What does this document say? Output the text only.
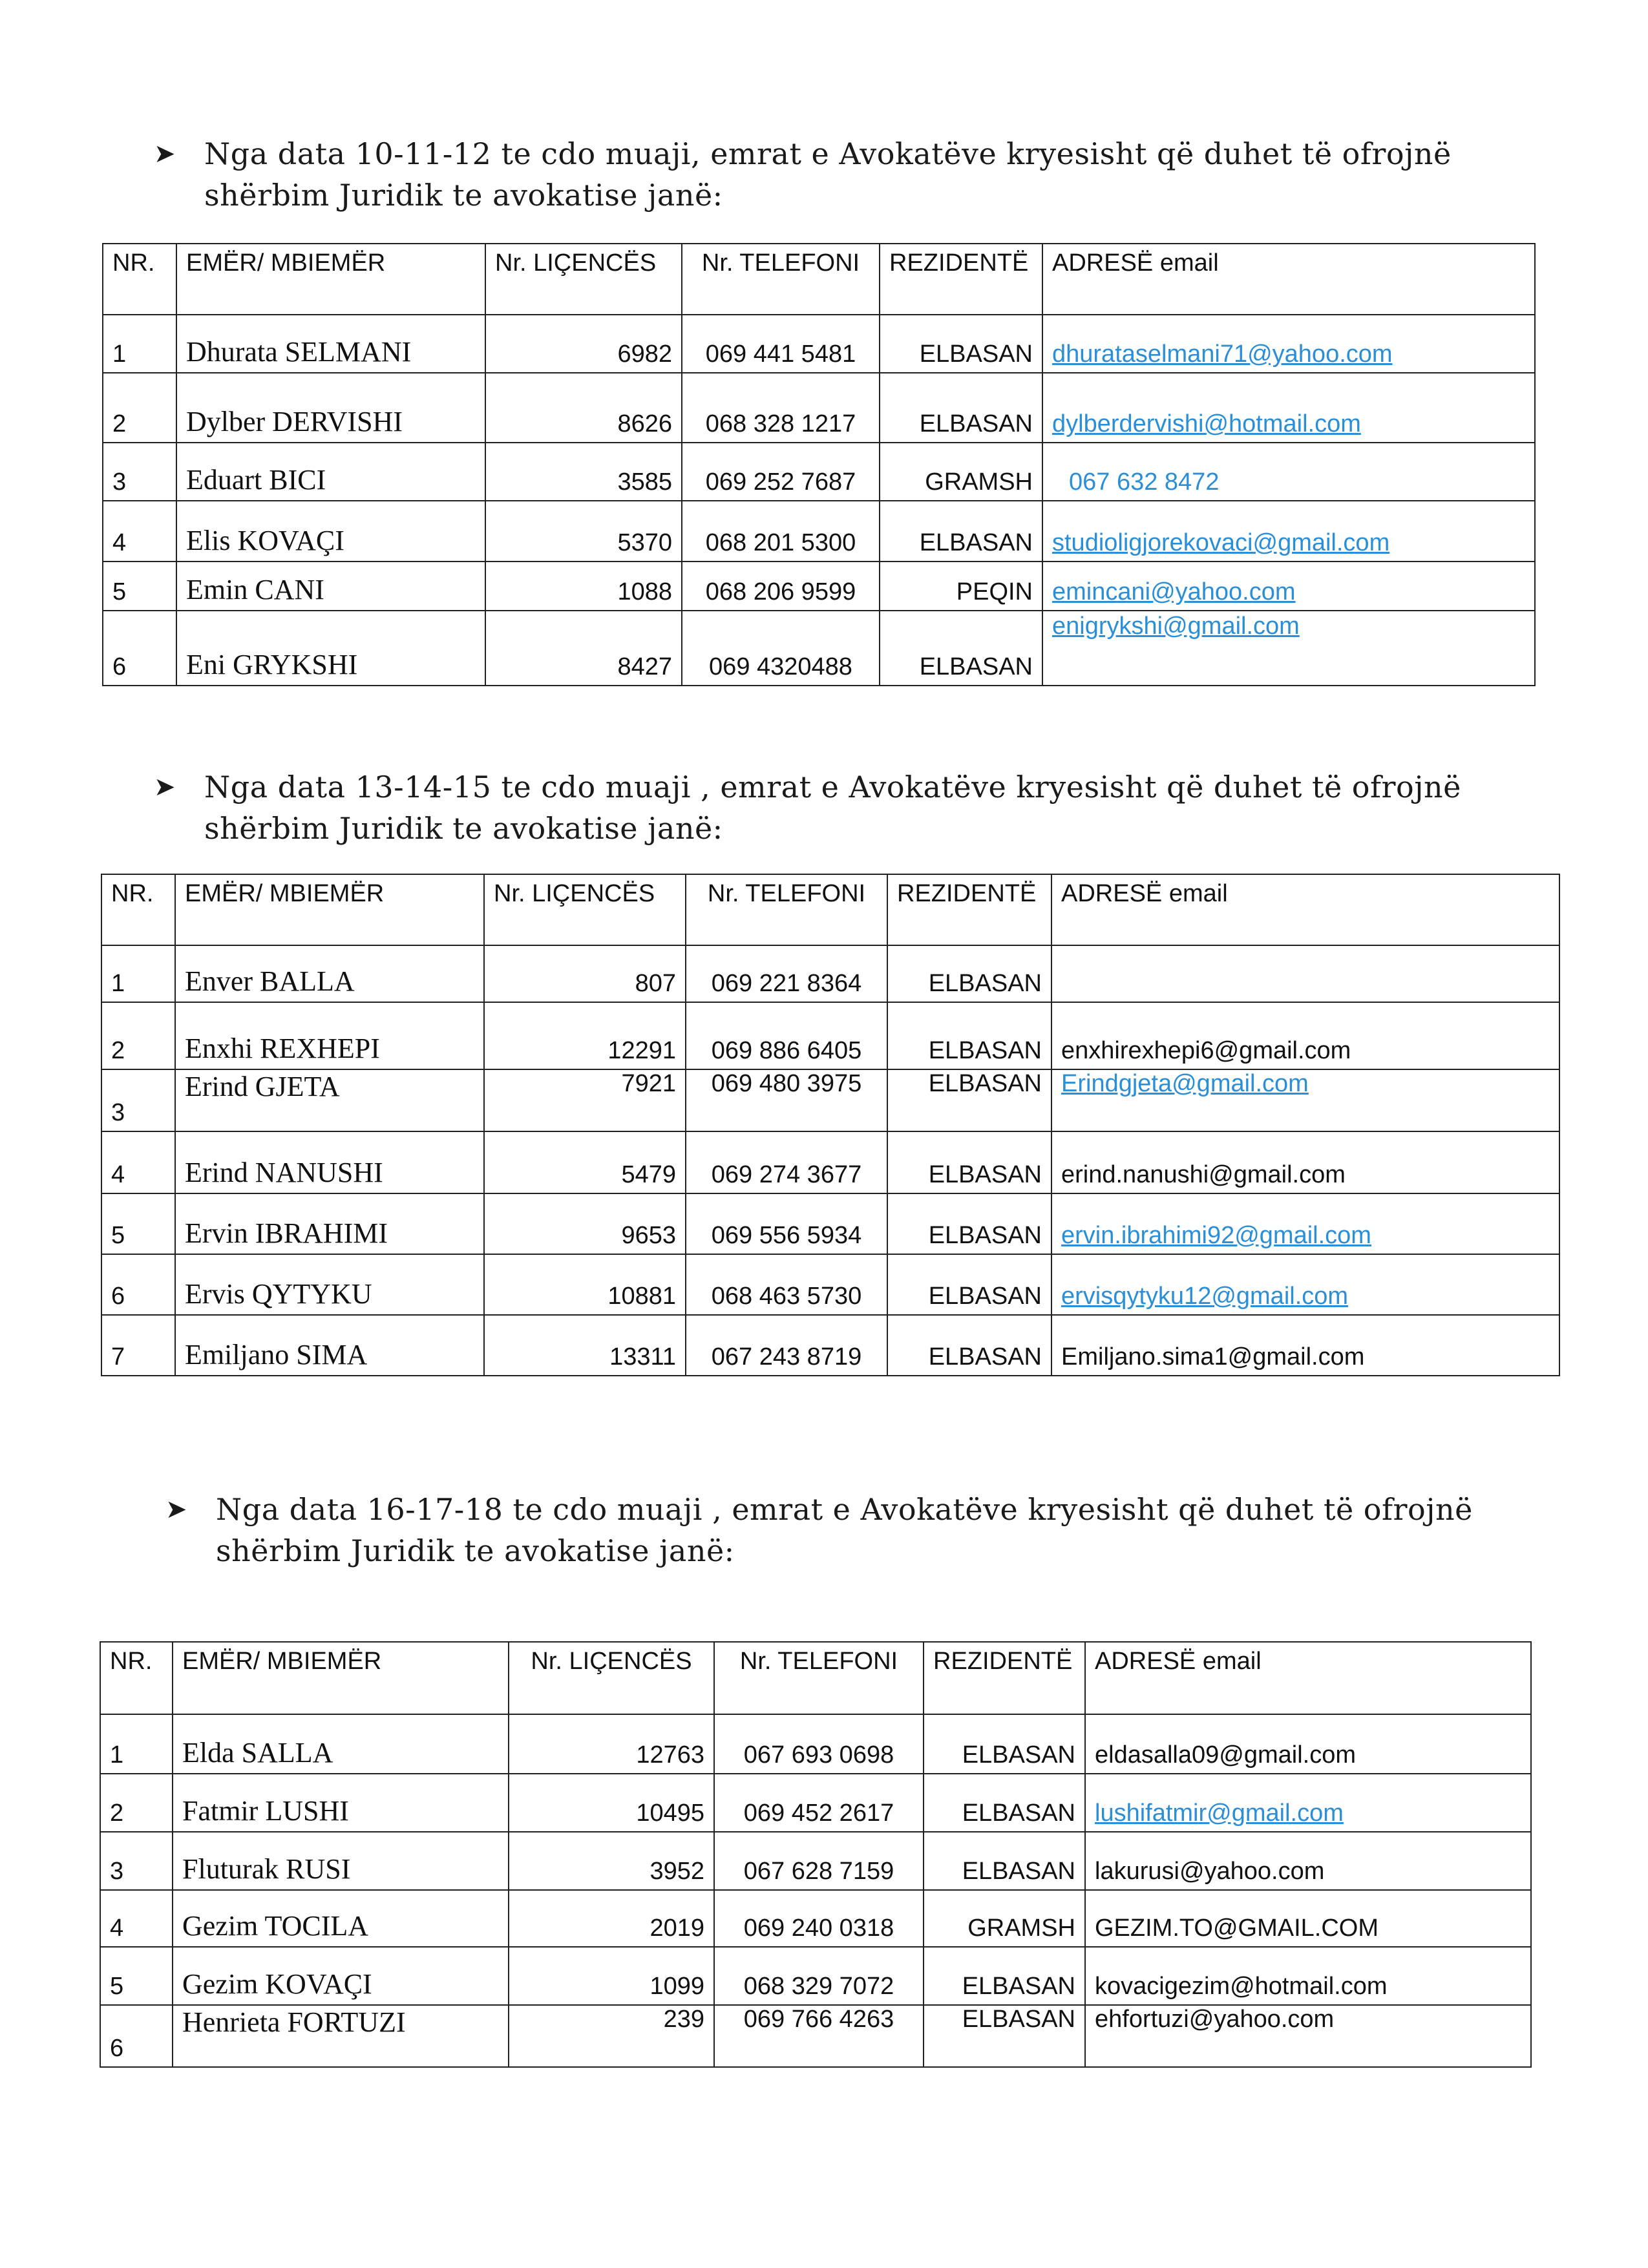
➤ Nga data 10-11-12 te cdo muaji, emrat e Avokatëve kryesisht që duhet të ofrojnë
shërbim Juridik te avokatise janë:
NR.	EMËR/ MBIEMËR	Nr. LIÇENCËS	Nr. TELEFONI	REZIDENTË	ADRESË email
1	Dhurata SELMANI	6982	069 441 5481	ELBASAN	dhurataselmani71@yahoo.com
2	Dylber DERVISHI	8626	068 328 1217	ELBASAN	dylberdervishi@hotmail.com
3	Eduart BICI	3585	069 252 7687	GRAMSH	067 632 8472
4	Elis KOVAÇI	5370	068 201 5300	ELBASAN	studioligjorekovaci@gmail.com
5	Emin CANI	1088	068 206 9599	PEQIN	emincani@yahoo.com
6	Eni GRYKSHI	8427	069 4320488	ELBASAN	enigrykshi@gmail.com
➤ Nga data 13-14-15 te cdo muaji , emrat e Avokatëve kryesisht që duhet të ofrojnë
shërbim Juridik te avokatise janë:
NR.	EMËR/ MBIEMËR	Nr. LIÇENCËS	Nr. TELEFONI	REZIDENTË	ADRESË email
1	Enver BALLA	807	069 221 8364	ELBASAN	
2	Enxhi REXHEPI	12291	069 886 6405	ELBASAN	enxhirexhepi6@gmail.com
3	Erind GJETA	7921	069 480 3975	ELBASAN	Erindgjeta@gmail.com
4	Erind NANUSHI	5479	069 274 3677	ELBASAN	erind.nanushi@gmail.com
5	Ervin IBRAHIMI	9653	069 556 5934	ELBASAN	ervin.ibrahimi92@gmail.com
6	Ervis QYTYKU	10881	068 463 5730	ELBASAN	ervisqytyku12@gmail.com
7	Emiljano SIMA	13311	067 243 8719	ELBASAN	Emiljano.sima1@gmail.com
➤ Nga data 16-17-18 te cdo muaji , emrat e Avokatëve kryesisht që duhet të ofrojnë
shërbim Juridik te avokatise janë:
NR.	EMËR/ MBIEMËR	Nr. LIÇENCËS	Nr. TELEFONI	REZIDENTË	ADRESË email
1	Elda SALLA	12763	067 693 0698	ELBASAN	eldasalla09@gmail.com
2	Fatmir LUSHI	10495	069 452 2617	ELBASAN	lushifatmir@gmail.com
3	Fluturak RUSI	3952	067 628 7159	ELBASAN	lakurusi@yahoo.com
4	Gezim TOCILA	2019	069 240 0318	GRAMSH	GEZIM.TO@GMAIL.COM
5	Gezim KOVAÇI	1099	068 329 7072	ELBASAN	kovacigezim@hotmail.com
6	Henrieta FORTUZI	239	069 766 4263	ELBASAN	ehfortuzi@yahoo.com
